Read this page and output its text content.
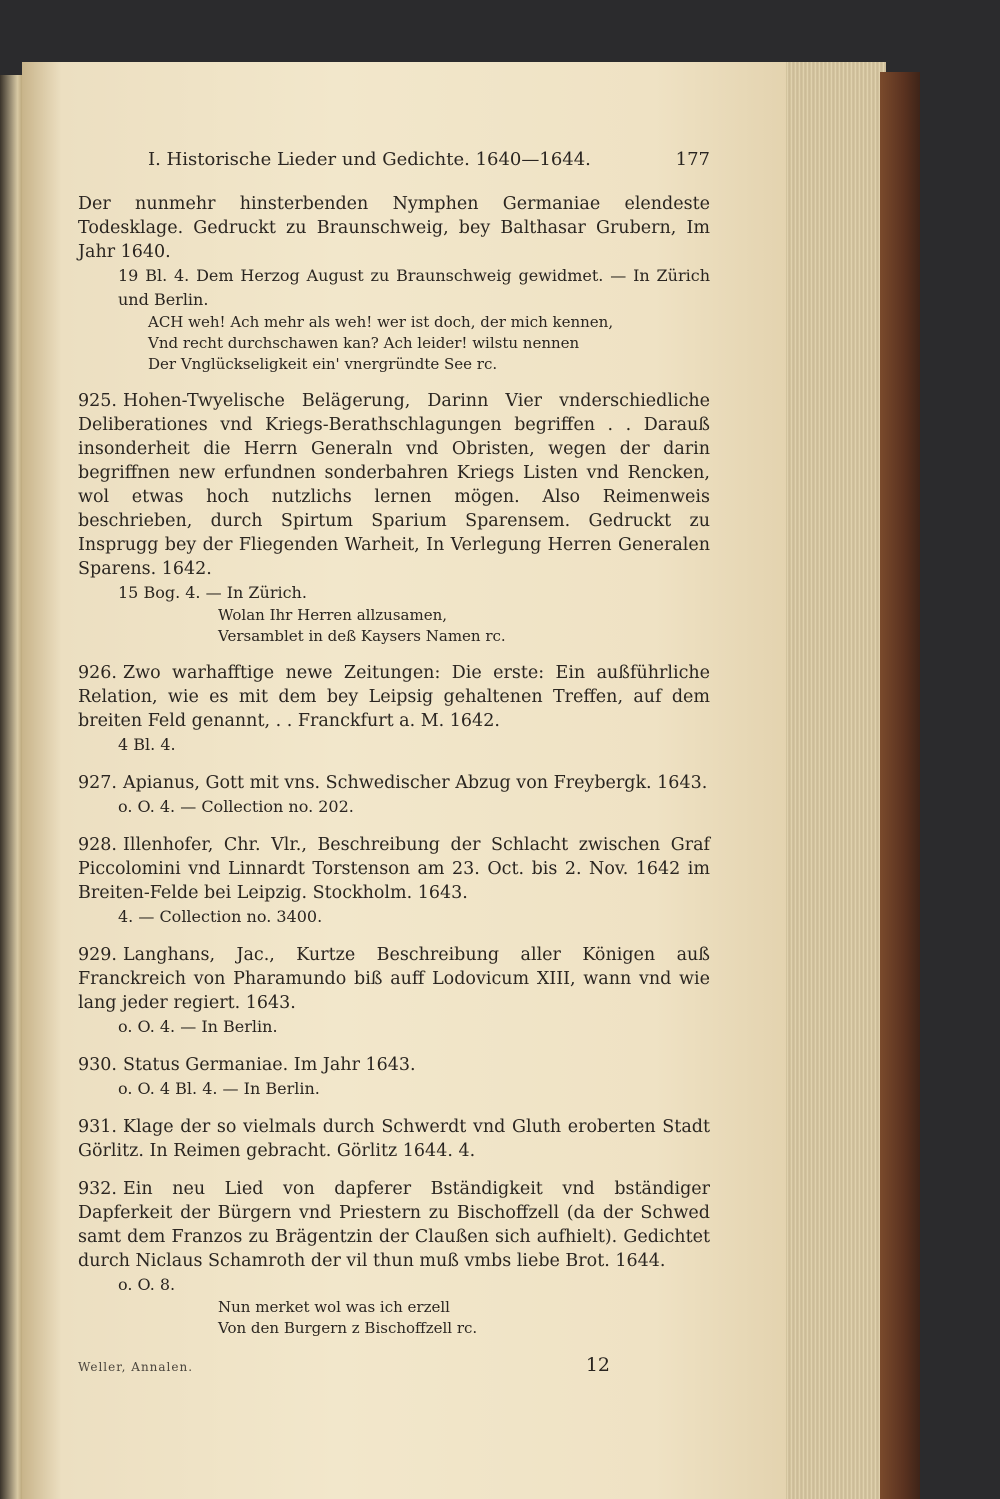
I. Historische Lieder und Gedichte. 1640—1644.	177
Der nunmehr hinsterbenden Nymphen Germaniae elendeste Todesklage. Gedruckt zu Braunschweig, bey Balthasar Grubern, Im Jahr 1640.
19 Bl. 4. Dem Herzog August zu Braunschweig gewidmet. — In Zürich und Berlin.
ACH weh! Ach mehr als weh! wer ist doch, der mich kennen,
Vnd recht durchschawen kan? Ach leider! wilstu nennen
Der Vnglückseligkeit ein' vnergründte See rc.
925. Hohen-Twyelische Belägerung, Darinn Vier vnderschiedliche Deliberationes vnd Kriegs-Berathschlagungen begriffen . . Darauß insonderheit die Herrn Generaln vnd Obristen, wegen der darin begriffnen new erfundnen sonderbahren Kriegs Listen vnd Rencken, wol etwas hoch nutzlichs lernen mögen. Also Reimenweis beschrieben, durch Spirtum Sparium Sparensem. Gedruckt zu Insprugg bey der Fliegenden Warheit, In Verlegung Herren Generalen Sparens. 1642.
15 Bog. 4. — In Zürich.
Wolan Ihr Herren allzusamen,
Versamblet in deß Kaysers Namen rc.
926. Zwo warhafftige newe Zeitungen: Die erste: Ein außführliche Relation, wie es mit dem bey Leipsig gehaltenen Treffen, auf dem breiten Feld genannt, . . Franckfurt a. M. 1642.
4 Bl. 4.
927. Apianus, Gott mit vns. Schwedischer Abzug von Freybergk. 1643.
o. O. 4. — Collection no. 202.
928. Illenhofer, Chr. Vlr., Beschreibung der Schlacht zwischen Graf Piccolomini vnd Linnardt Torstenson am 23. Oct. bis 2. Nov. 1642 im Breiten-Felde bei Leipzig. Stockholm. 1643.
4. — Collection no. 3400.
929. Langhans, Jac., Kurtze Beschreibung aller Königen auß Franckreich von Pharamundo biß auff Lodovicum XIII, wann vnd wie lang jeder regiert. 1643.
o. O. 4. — In Berlin.
930. Status Germaniae. Im Jahr 1643.
o. O. 4 Bl. 4. — In Berlin.
931. Klage der so vielmals durch Schwerdt vnd Gluth eroberten Stadt Görlitz. In Reimen gebracht. Görlitz 1644. 4.
932. Ein neu Lied von dapferer Bständigkeit vnd bständiger Dapferkeit der Bürgern vnd Priestern zu Bischoffzell (da der Schwed samt dem Franzos zu Brägentzin der Claußen sich aufhielt). Gedichtet durch Niclaus Schamroth der vil thun muß vmbs liebe Brot. 1644.
o. O. 8.
Nun merket wol was ich erzell
Von den Burgern z Bischoffzell rc.
Weller, Annalen.	12
